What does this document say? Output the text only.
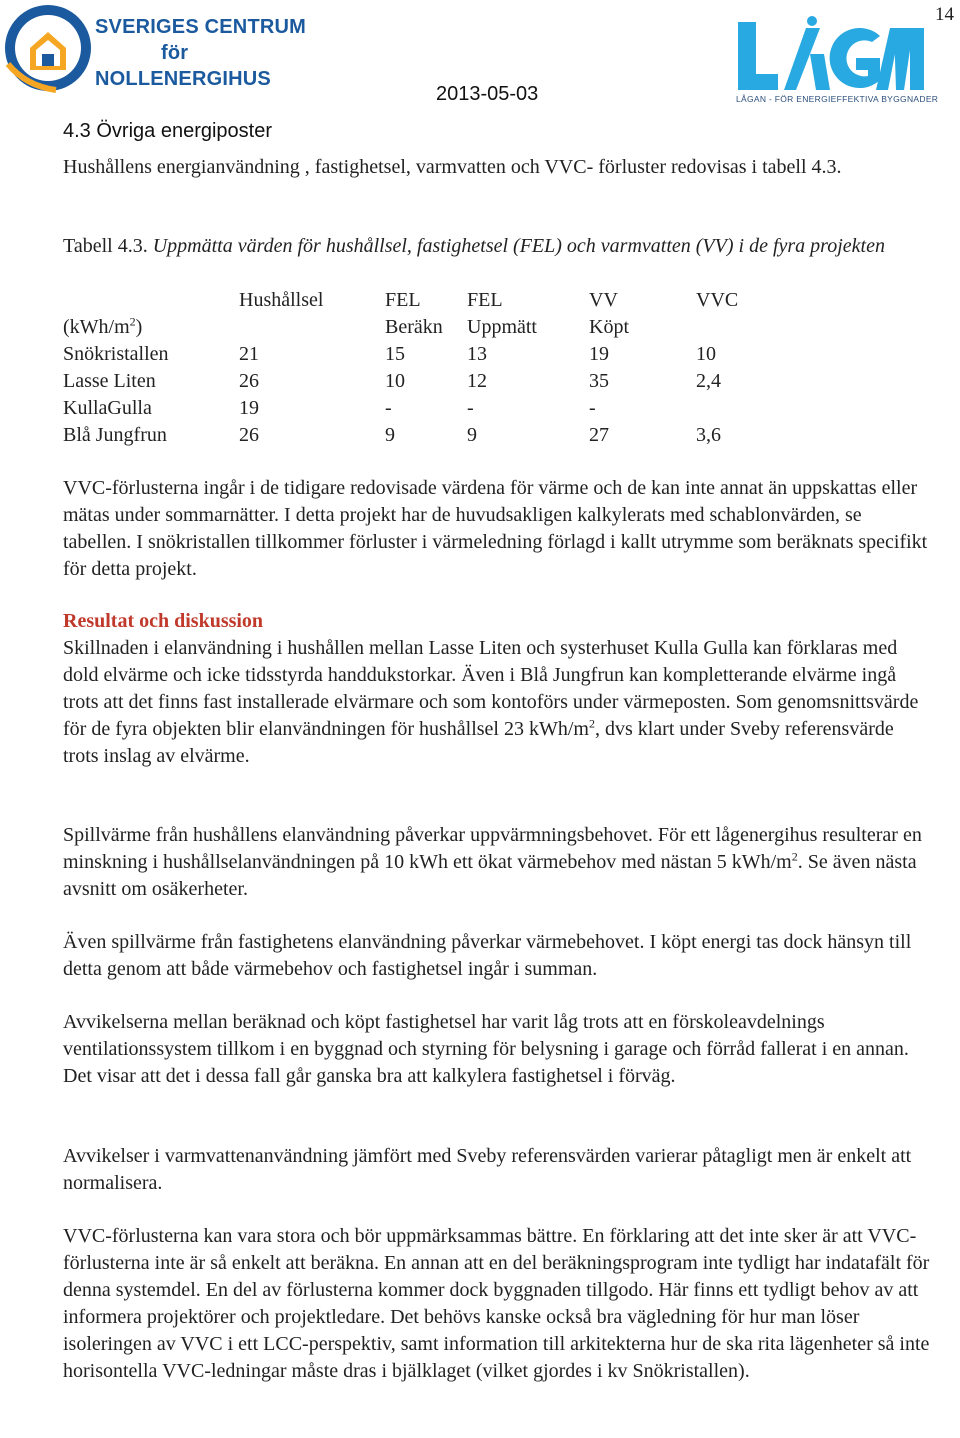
14
SVERIGES CENTRUM
för
NOLLENERGIHUS
LÅGAN - FÖR ENERGIEFFEKTIVA BYGGNADER
2013-05-03
4.3 Övriga energiposter
Hushållens energianvändning , fastighetsel, varmvatten och VVC- förluster redovisas i tabell 4.3.
Tabell 4.3. Uppmätta värden för hushållsel, fastighetsel (FEL) och varmvatten (VV) i de fyra projekten
	Hushållsel	FEL	FEL	VV	VVC
$(kWh/m^2)$		Beräkn	Uppmätt	Köpt	
Snökristallen	21	15	13	19	10
Lasse Liten	26	10	12	35	2,4
KullaGulla	19	-	-	-	
Blå Jungfrun	26	9	9	27	3,6
VVC-förlusterna ingår i de tidigare redovisade värdena för värme och de kan inte annat än uppskattas eller mätas under sommarnätter. I detta projekt har de huvudsakligen kalkylerats med schablonvärden, se tabellen. I snökristallen tillkommer förluster i värmeledning förlagd i kallt utrymme som beräknats specifikt för detta projekt.
Resultat och diskussion
Skillnaden i elanvändning i hushållen mellan Lasse Liten och systerhuset Kulla Gulla kan förklaras med dold elvärme och icke tidsstyrda handdukstorkar. Även i Blå Jungfrun kan kompletterande elvärme ingå trots att det finns fast installerade elvärmare och som kontoförs under värmeposten. Som genomsnittsvärde för de fyra objekten blir elanvändningen för hushållsel 23 kWh/$m^2$, dvs klart under Sveby referensvärde trots inslag av elvärme.
Spillvärme från hushållens elanvändning påverkar uppvärmningsbehovet. För ett lågenergihus resulterar en minskning i hushållselanvändningen på 10 kWh ett ökat värmebehov med nästan 5 kWh/$m^2$. Se även nästa avsnitt om osäkerheter.
Även spillvärme från fastighetens elanvändning påverkar värmebehovet. I köpt energi tas dock hänsyn till detta genom att både värmebehov och fastighetsel ingår i summan.
Avvikelserna mellan beräknad och köpt fastighetsel har varit låg trots att en förskoleavdelnings ventilationssystem tillkom i en byggnad och styrning för belysning i garage och förråd fallerat i en annan. Det visar att det i dessa fall går ganska bra att kalkylera fastighetsel i förväg.
Avvikelser i varmvattenanvändning jämfört med Sveby referensvärden varierar påtagligt men är enkelt att normalisera.
VVC-förlusterna kan vara stora och bör uppmärksammas bättre. En förklaring att det inte sker är att VVC-förlusterna inte är så enkelt att beräkna. En annan att en del beräkningsprogram inte tydligt har indatafält för denna systemdel. En del av förlusterna kommer dock byggnaden tillgodo. Här finns ett tydligt behov av att informera projektörer och projektledare. Det behövs kanske också bra vägledning för hur man löser isoleringen av VVC i ett LCC-perspektiv, samt information till arkitekterna hur de ska rita lägenheter så inte horisontella VVC-ledningar måste dras i bjälklaget (vilket gjordes i kv Snökristallen).
